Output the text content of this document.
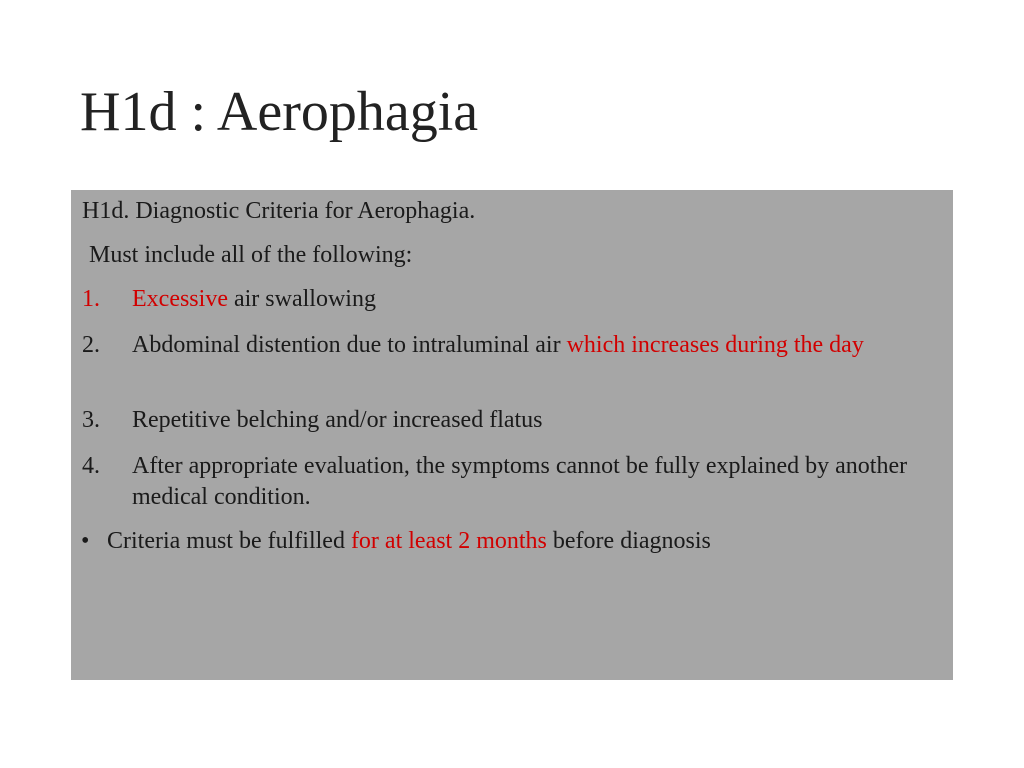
H1d : Aerophagia
H1d. Diagnostic Criteria for Aerophagia.
Must include all of the following:
1. Excessive air swallowing
2. Abdominal distention due to intraluminal air which increases during the day
3. Repetitive belching and/or increased flatus
4. After appropriate evaluation, the symptoms cannot be fully explained by another medical condition.
• Criteria must be fulfilled for at least 2 months before diagnosis
